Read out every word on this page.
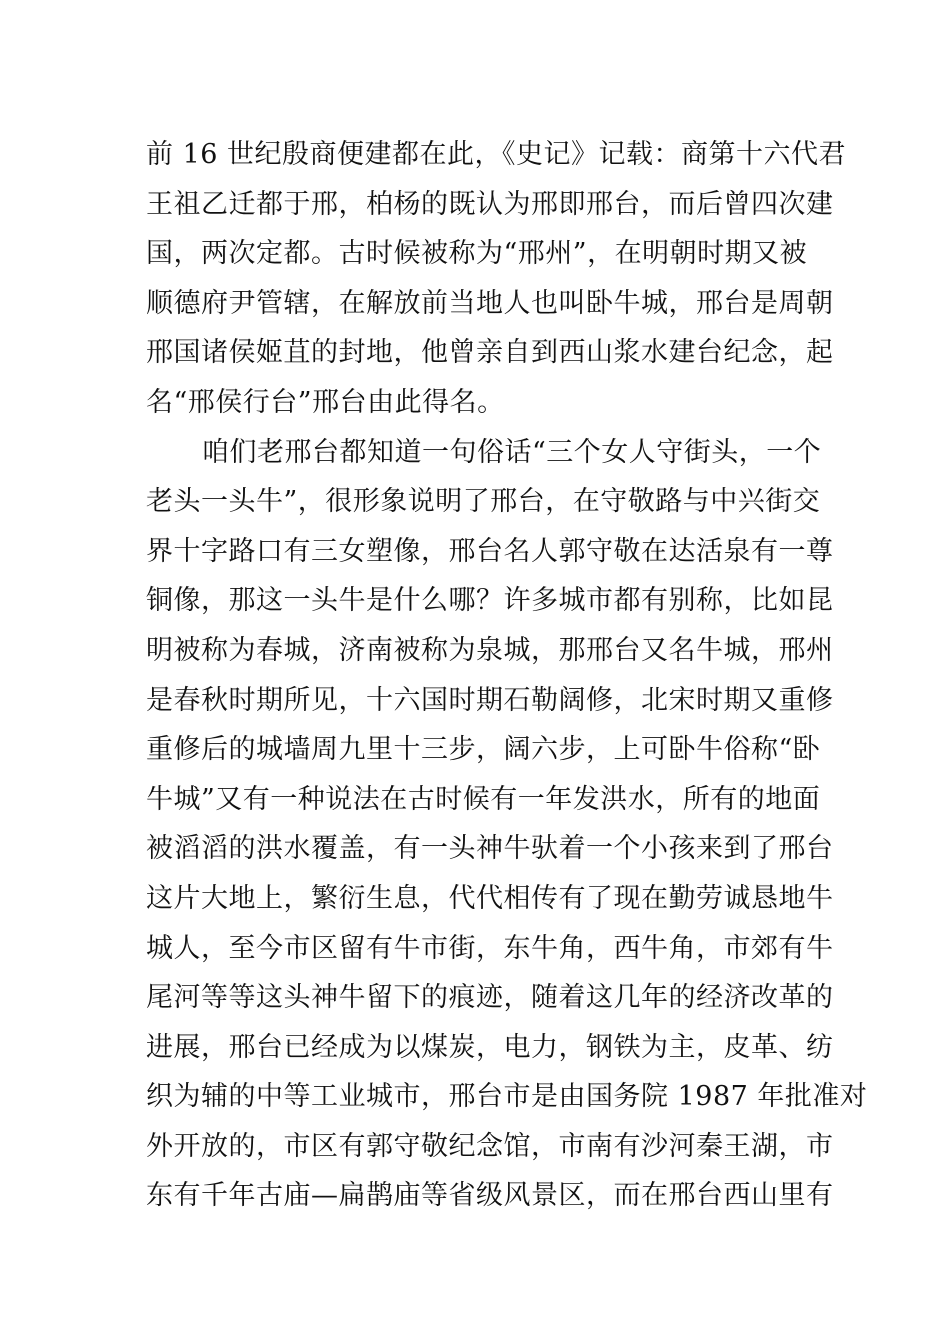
前 16 世纪殷商便建都在此，《史记》记载：商第十六代君
王祖乙迁都于邢，柏杨的既认为邢即邢台，而后曾四次建
国，两次定都。古时候被称为“邢州”，在明朝时期又被
顺德府尹管辖，在解放前当地人也叫卧牛城，邢台是周朝
邢国诸侯姬苴的封地，他曾亲自到西山浆水建台纪念，起
名“邢侯行台”邢台由此得名。
咱们老邢台都知道一句俗话“三个女人守街头，一个
老头一头牛”，很形象说明了邢台，在守敬路与中兴街交
界十字路口有三女塑像，邢台名人郭守敬在达活泉有一尊
铜像，那这一头牛是什么哪？许多城市都有别称，比如昆
明被称为春城，济南被称为泉城，那邢台又名牛城，邢州
是春秋时期所见，十六国时期石勒阔修，北宋时期又重修
重修后的城墙周九里十三步，阔六步，上可卧牛俗称“卧
牛城”又有一种说法在古时候有一年发洪水，所有的地面
被滔滔的洪水覆盖，有一头神牛驮着一个小孩来到了邢台
这片大地上，繁衍生息，代代相传有了现在勤劳诚恳地牛
城人，至今市区留有牛市街，东牛角，西牛角，市郊有牛
尾河等等这头神牛留下的痕迹，随着这几年的经济改革的
进展，邢台已经成为以煤炭，电力，钢铁为主，皮革、纺
织为辅的中等工业城市，邢台市是由国务院 1987 年批准对
外开放的，市区有郭守敬纪念馆，市南有沙河秦王湖，市
东有千年古庙—扁鹊庙等省级风景区，而在邢台西山里有
